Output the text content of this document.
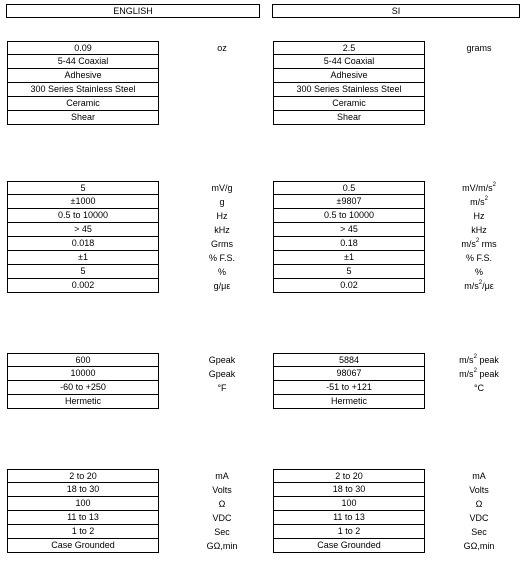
ENGLISH	SI
0.09	oz
5-44 Coaxial
Adhesive
300 Series Stainless Steel
Ceramic
Shear
5	mV/g
±1000	g
0.5 to 10000	Hz
> 45	kHz
0.018	Grms
±1	% F.S.
5	%
0.002	g/με
600	Gpeak
10000	Gpeak
-60 to +250	°F
Hermetic
2 to 20	mA
18 to 30	Volts
100	Ω
11 to 13	VDC
1 to 2	Sec
Case Grounded	GΩ,min
2.5	grams
5-44 Coaxial
Adhesive
300 Series Stainless Steel
Ceramic
Shear
0.5	$mV/m/s^2$
±9807	$m/s^2$
0.5 to 10000	Hz
> 45	kHz
0.18	$m/s^2$ rms
±1	% F.S.
5	%
0.02	$m/s^2/\mu\varepsilon$
5884	$m/s^2$ peak
98067	$m/s^2$ peak
-51 to +121	°C
Hermetic
2 to 20	mA
18 to 30	Volts
100	Ω
11 to 13	VDC
1 to 2	Sec
Case Grounded	GΩ,min
